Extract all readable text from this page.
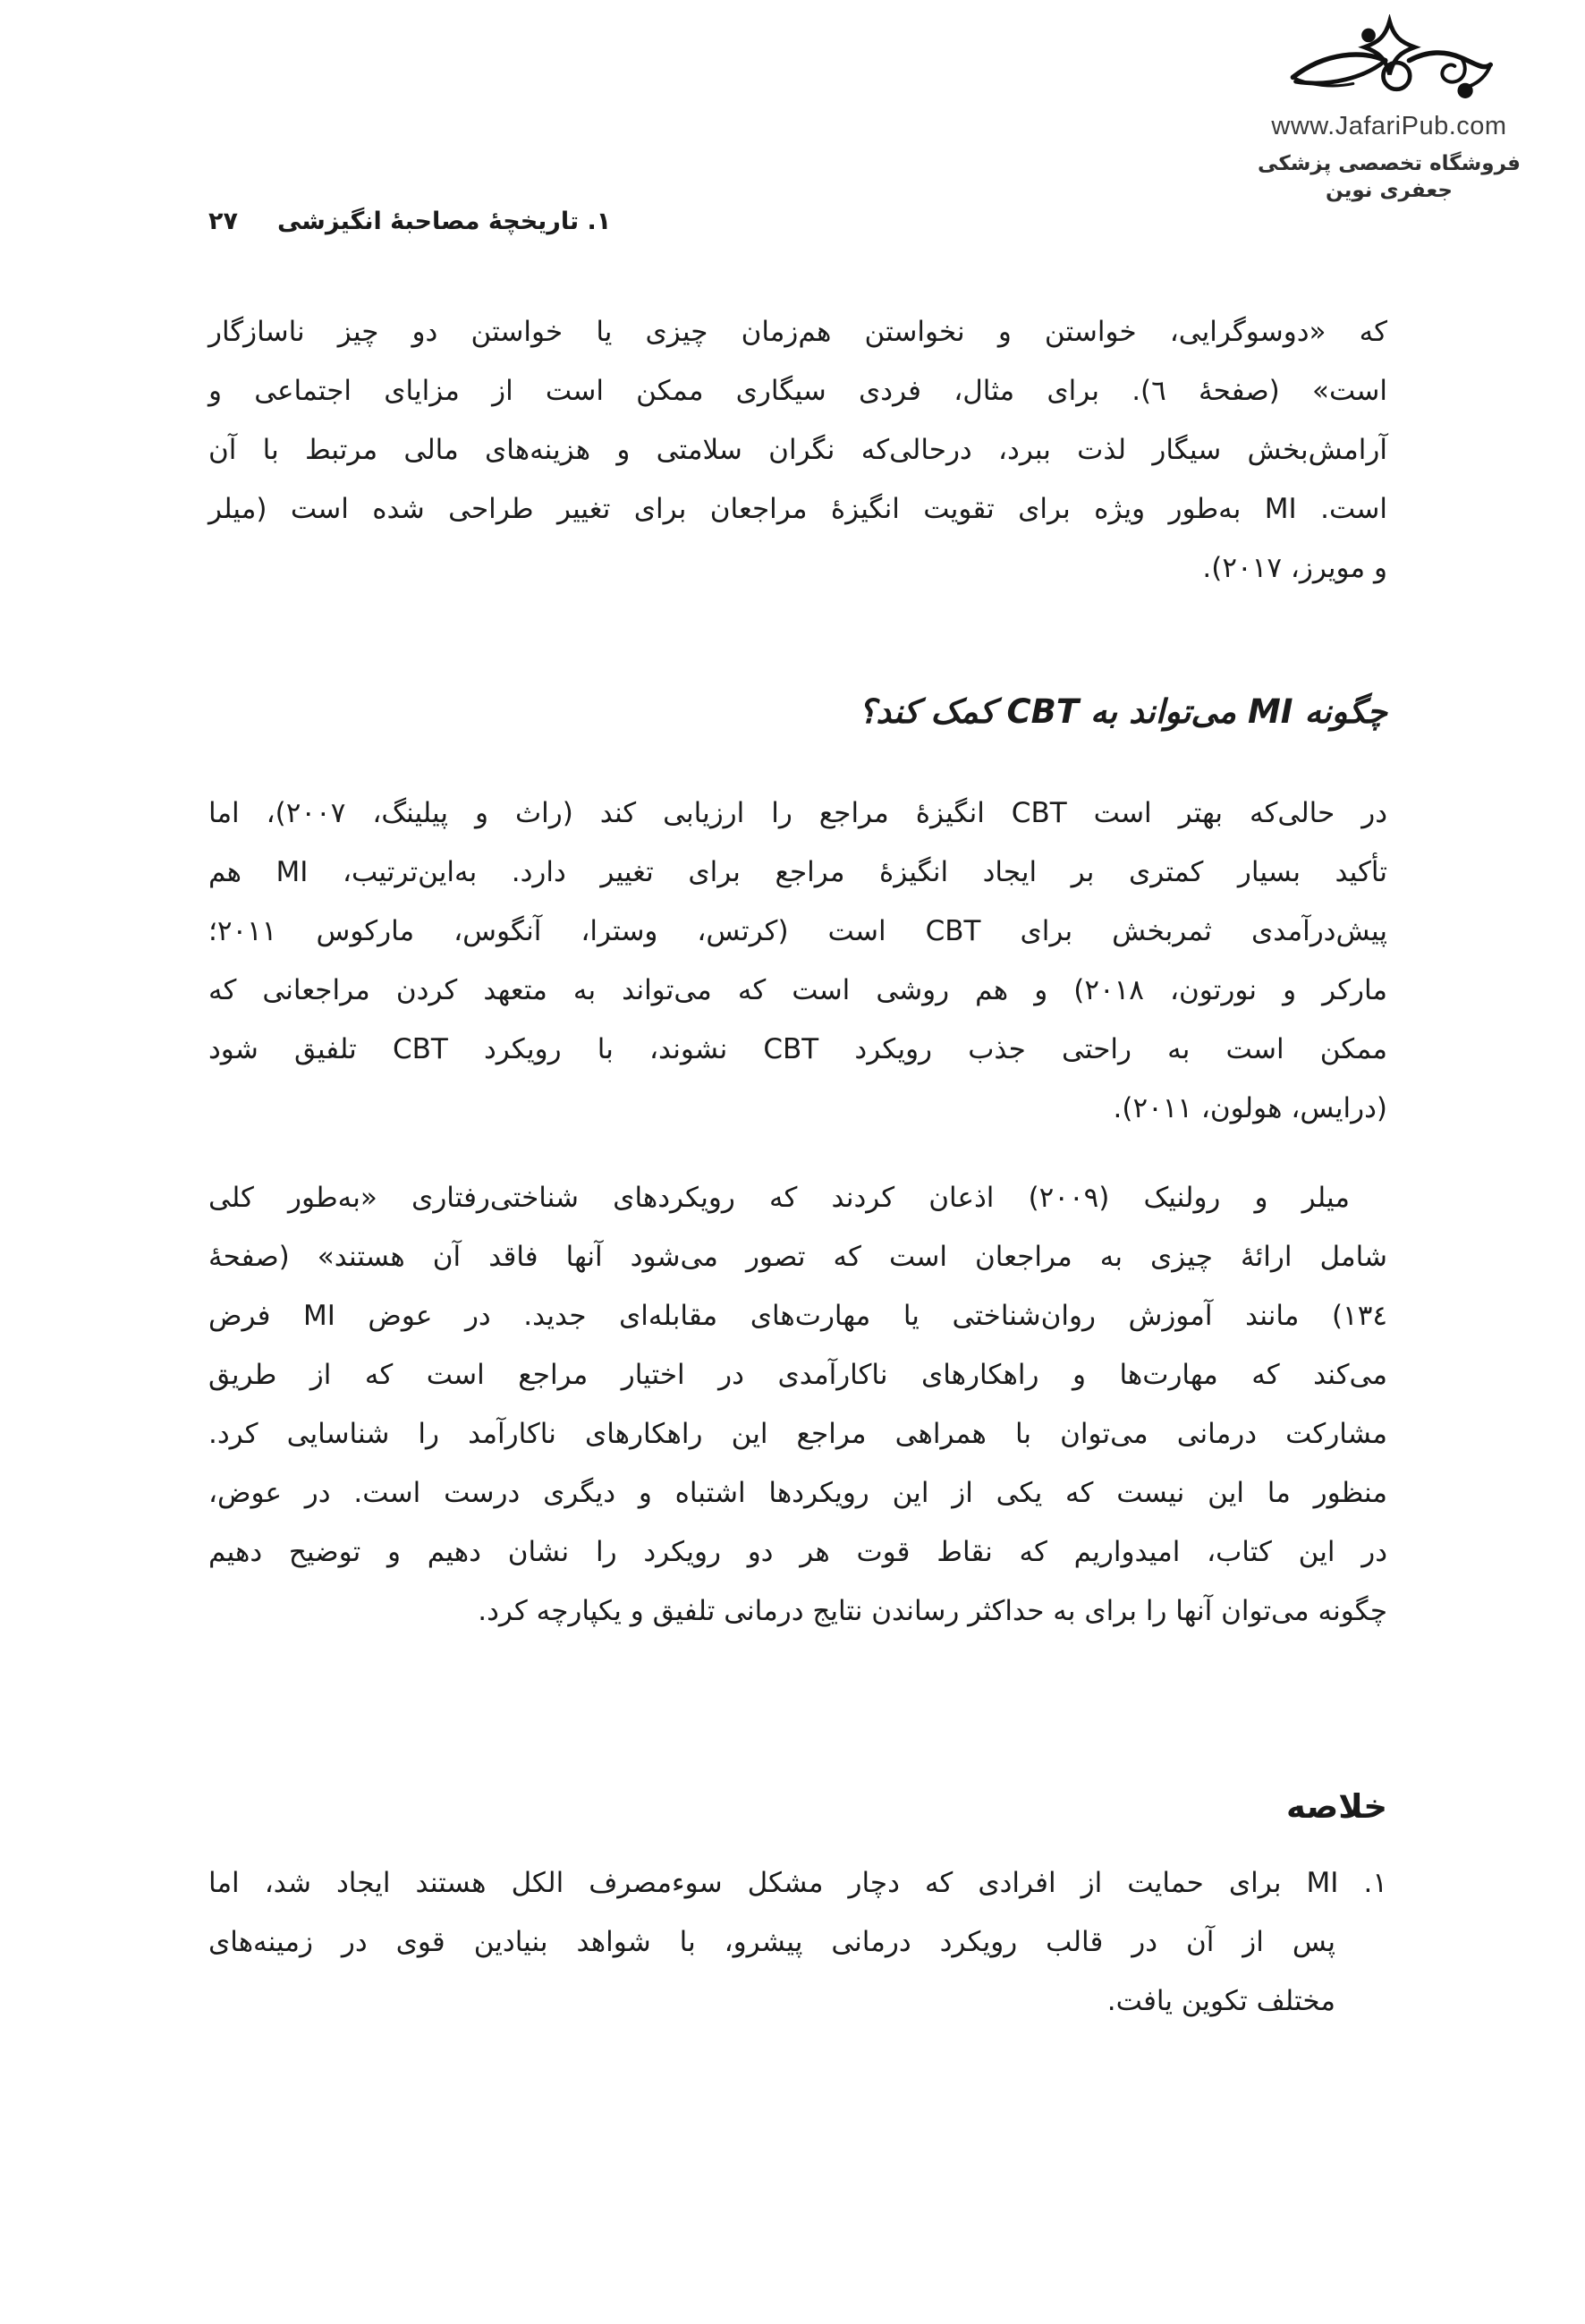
www.JafariPub.com
فروشگاه تخصصی پزشکی جعفری نوین
۱. تاریخچهٔ مصاحبهٔ انگیزشی
۲۷
که «دوسوگرایی، خواستن و نخواستن هم‌زمان چیزی یا خواستن دو چیز ناسازگار
است» (صفحهٔ ٦). برای مثال، فردی سیگاری ممکن است از مزایای اجتماعی و
آرامش‌بخش سیگار لذت ببرد، درحالی‌که نگران سلامتی و هزینه‌های مالی مرتبط با آن
است. MI به‌طور ویژه برای تقویت انگیزهٔ مراجعان برای تغییر طراحی شده است (میلر
و مویرز، ۲۰۱۷).
چگونه MI می‌تواند به CBT کمک کند؟
در حالی‌که بهتر است CBT انگیزهٔ مراجع را ارزیابی کند (راث و پیلینگ، ۲۰۰۷)، اما
تأکید بسیار کمتری بر ایجاد انگیزهٔ مراجع برای تغییر دارد. به‌این‌ترتیب، MI هم
پیش‌درآمدی ثمربخش برای CBT است (کرتس، وسترا، آنگوس، مارکوس ۲۰۱۱؛
مارکر و نورتون، ۲۰۱۸) و هم روشی است که می‌تواند به متعهد کردن مراجعانی که
ممکن است به راحتی جذب رویکرد CBT نشوند، با رویکرد CBT تلفیق شود
(درایس، هولون، ۲۰۱۱).
میلر و رولنیک (۲۰۰۹) اذعان کردند که رویکردهای شناختی‌رفتاری «به‌طور کلی
شامل ارائهٔ چیزی به مراجعان است که تصور می‌شود آنها فاقد آن هستند» (صفحهٔ
۱۳٤) مانند آموزش روان‌شناختی یا مهارت‌های مقابله‌ای جدید. در عوض MI فرض
می‌کند که مهارت‌ها و راهکارهای ناکارآمدی در اختیار مراجع است که از طریق
مشارکت درمانی می‌توان با همراهی مراجع این راهکارهای ناکارآمد را شناسایی کرد.
منظور ما این نیست که یکی از این رویکردها اشتباه و دیگری درست است. در عوض،
در این کتاب، امیدواریم که نقاط قوت هر دو رویکرد را نشان دهیم و توضیح دهیم
چگونه می‌توان آنها را برای به حداکثر رساندن نتایج درمانی تلفیق و یکپارچه کرد.
خلاصه
۱. MI برای حمایت از افرادی که دچار مشکل سوءمصرف الکل هستند ایجاد شد، اما
پس از آن در قالب رویکرد درمانی پیشرو، با شواهد بنیادین قوی در زمینه‌های
مختلف تکوین یافت.
